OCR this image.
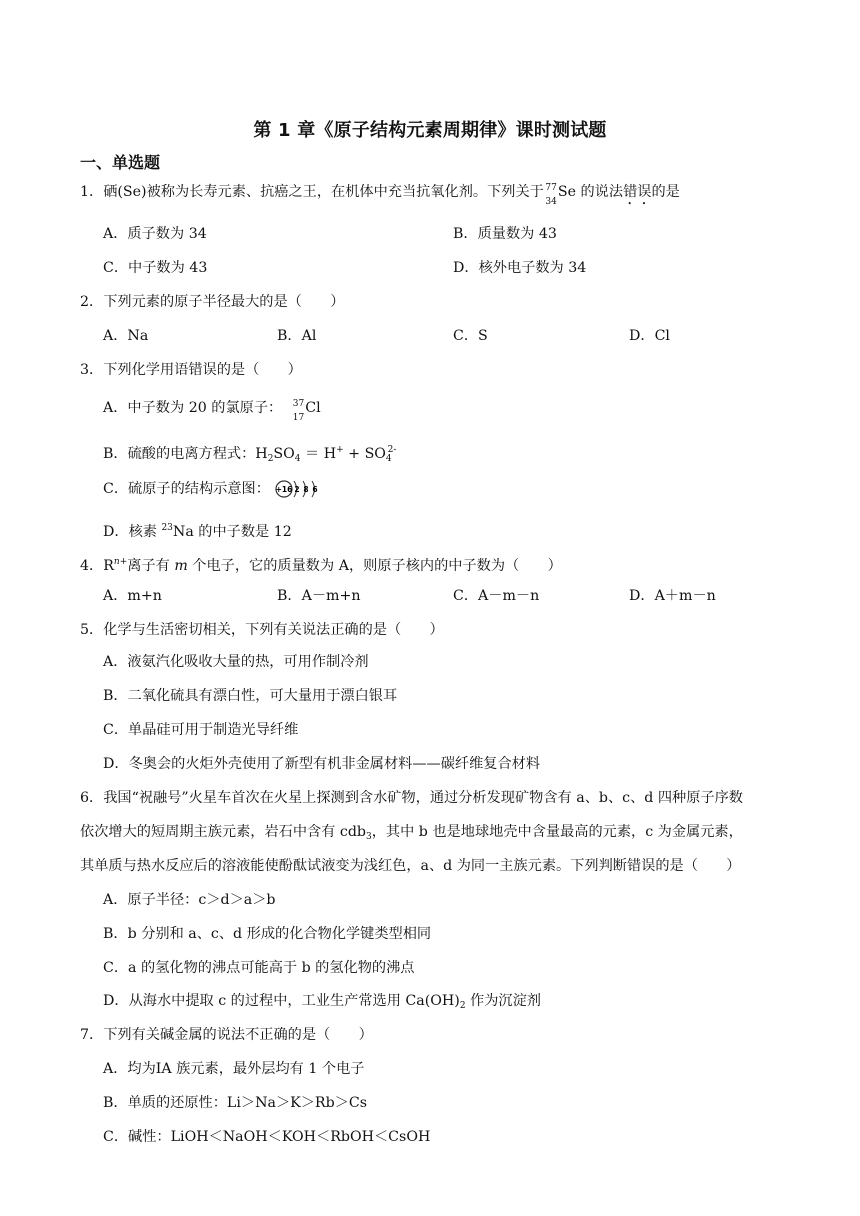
第 1 章《原子结构元素周期律》课时测试题
一、单选题
1．硒(Se)被称为长寿元素、抗癌之王，在机体中充当抗氧化剂。下列关于 77
34
Se 的说法错误的是
A．质子数为 34	B．质量数为 43
C．中子数为 43	D．核外电子数为 34
2．下列元素的原子半径最大的是（　　）
A．Na	B．Al	C．S	D．Cl
3．下列化学用语错误的是（　　）
A．中子数为 20 的氯原子： 37
17
Cl
B．硫酸的电离方程式：$H_2SO_4 = H^+ + SO_4^{2-}$
C．硫原子的结构示意图： +16 2 8 6
D．核素 $^{23}$Na 的中子数是 12
4．$R^{n+}$离子有 m 个电子，它的质量数为 A，则原子核内的中子数为（　　）
A．m+n	B．A－m+n	C．A－m－n	D．A＋m－n
5．化学与生活密切相关，下列有关说法正确的是（　　）
A．液氨汽化吸收大量的热，可用作制冷剂
B．二氧化硫具有漂白性，可大量用于漂白银耳
C．单晶硅可用于制造光导纤维
D．冬奥会的火炬外壳使用了新型有机非金属材料——碳纤维复合材料
6．我国“祝融号”火星车首次在火星上探测到含水矿物，通过分析发现矿物含有 a、b、c、d 四种原子序数
依次增大的短周期主族元素，岩石中含有 cdb$_3$，其中 b 也是地球地壳中含量最高的元素，c 为金属元素，
其单质与热水反应后的溶液能使酚酞试液变为浅红色，a、d 为同一主族元素。下列判断错误的是（　　）
A．原子半径：c＞d＞a＞b
B．b 分别和 a、c、d 形成的化合物化学键类型相同
C．a 的氢化物的沸点可能高于 b 的氢化物的沸点
D．从海水中提取 c 的过程中，工业生产常选用 $Ca(OH)_2$ 作为沉淀剂
7．下列有关碱金属的说法不正确的是（　　）
A．均为ⅠA 族元素，最外层均有 1 个电子
B．单质的还原性：Li＞Na＞K＞Rb＞Cs
C．碱性：LiOH＜NaOH＜KOH＜RbOH＜CsOH
